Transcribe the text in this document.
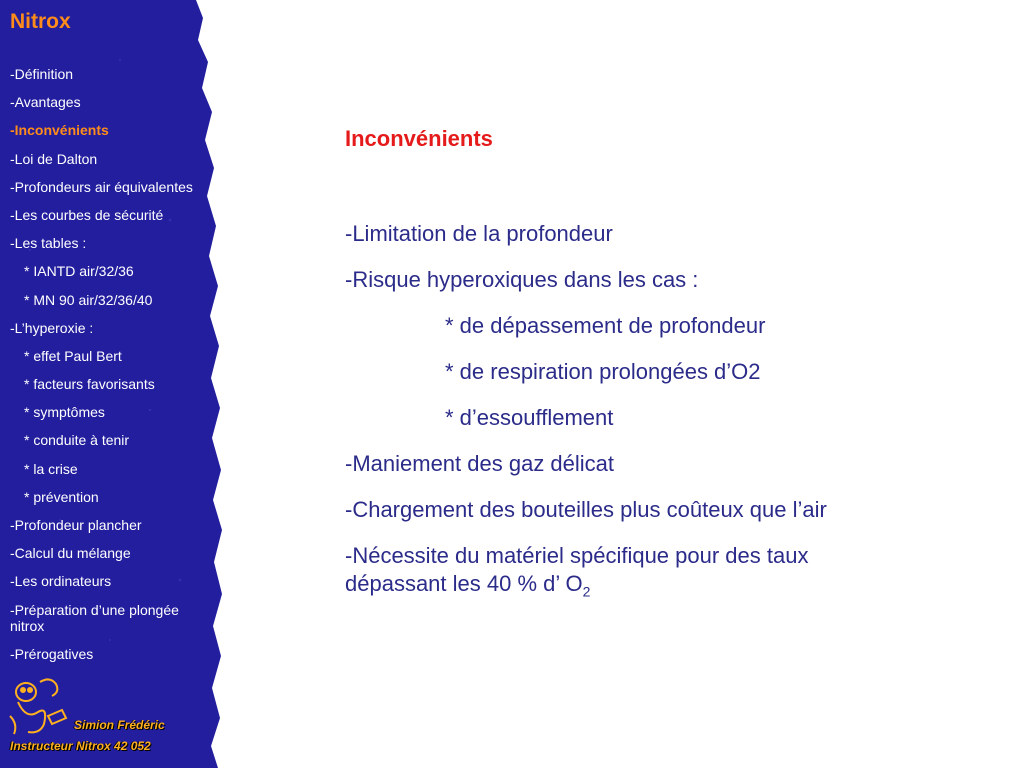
Nitrox
-Définition
-Avantages
-Inconvénients
-Loi de Dalton
-Profondeurs air équivalentes
-Les courbes de sécurité
-Les tables :
* IANTD air/32/36
* MN 90 air/32/36/40
-L’hyperoxie :
* effet Paul Bert
* facteurs favorisants
* symptômes
* conduite à tenir
* la crise
* prévention
-Profondeur plancher
-Calcul du mélange
-Les ordinateurs
-Préparation d’une plongée
nitrox
-Prérogatives
Simion Frédéric
Instructeur Nitrox 42 052
Inconvénients
-Limitation de la profondeur
-Risque hyperoxiques dans les cas :
* de dépassement de profondeur
* de respiration prolongées d’O2
* d’essoufflement
-Maniement des gaz délicat
-Chargement des bouteilles plus coûteux que l’air
-Nécessite du matériel spécifique pour des taux dépassant les 40 % d’ $O_2$
